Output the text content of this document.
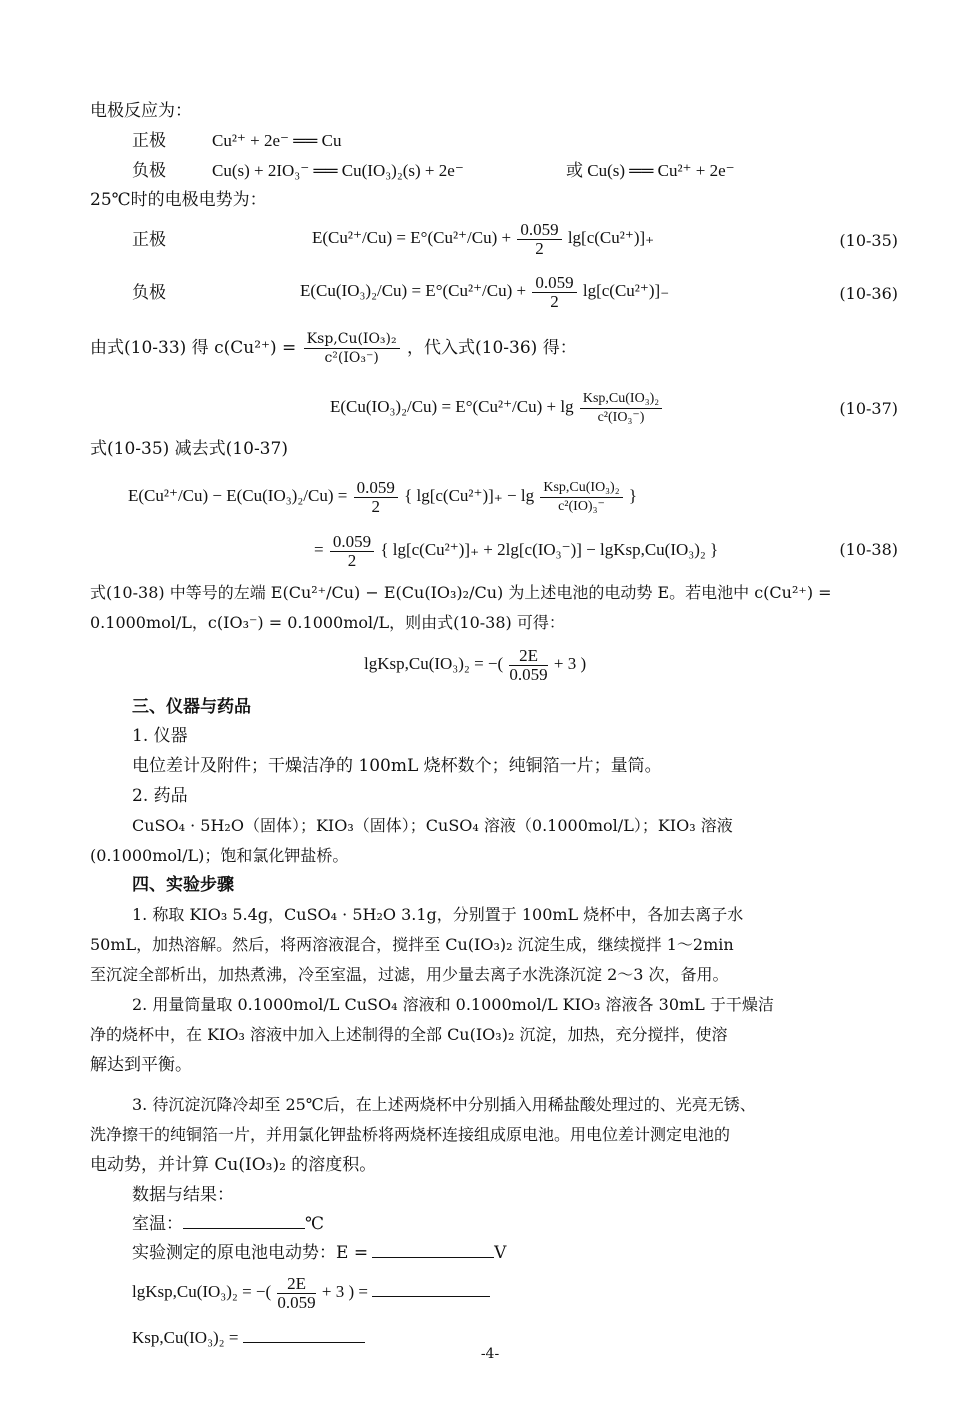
电极反应为：
正极	Cu²⁺ + 2e⁻ ══ Cu
负极	Cu(s) + 2IO₃⁻ ══ Cu(IO₃)₂(s) + 2e⁻	或 Cu(s) ══ Cu²⁺ + 2e⁻
25℃时的电极电势为：
正极	$E(Cu^{2+}/Cu) = E^\circ(Cu^{2+}/Cu) + \frac{0.059}{2} \lg[c(Cu^{2+})]_+$	(10-35)
负极	$E(Cu(IO_3)_2/Cu) = E^\circ(Cu^{2+}/Cu) + \frac{0.059}{2} \lg[c(Cu^{2+})]_-$	(10-36)
由式(10-33) 得 $c(Cu^{2+}) = \frac{\text{Ksp,Cu(IO₃)₂}}{\text{c²(IO₃⁻)}}$ ，代入式(10-36) 得：
$E(Cu(IO_3)_2/Cu) = E^\circ(Cu^{2+}/Cu) + \lg \frac{\text{Ksp,Cu(IO₃)₂}}{\text{c²(IO₃⁻)}}$	(10-37)
式(10-35) 减去式(10-37)
$E(Cu^{2+}/Cu) - E(Cu(IO_3)_2/Cu) = \frac{0.059}{2}$ { $\lg[c(Cu^{2+})]_+ - \lg \frac{\text{Ksp,Cu(IO₃)₂}}{\text{c²(IO)₃⁻}}$ }
= $\frac{0.059}{2}$ { lg[c(Cu²⁺)]₊ + 2lg[c(IO₃⁻)] − lgKsp,Cu(IO₃)₂ }	(10-38)
式(10-38) 中等号的左端 E(Cu²⁺/Cu) − E(Cu(IO₃)₂/Cu) 为上述电池的电动势 E。若电池中 c(Cu²⁺) =
0.1000mol/L，c(IO₃⁻) = 0.1000mol/L，则由式(10-38) 可得：
lgKsp,Cu(IO₃)₂ = −( $\frac{2E}{0.059} + 3$ )
三、仪器与药品
1. 仪器
电位差计及附件；干燥洁净的 100mL 烧杯数个；纯铜箔一片；量筒。
2. 药品
CuSO₄ · 5H₂O（固体）；KIO₃（固体）；CuSO₄ 溶液（0.1000mol/L）；KIO₃ 溶液
(0.1000mol/L)；饱和氯化钾盐桥。
四、实验步骤
1. 称取 KIO₃ 5.4g，CuSO₄ · 5H₂O 3.1g，分别置于 100mL 烧杯中，各加去离子水
50mL，加热溶解。然后，将两溶液混合，搅拌至 Cu(IO₃)₂ 沉淀生成，继续搅拌 1～2min
至沉淀全部析出，加热煮沸，冷至室温，过滤，用少量去离子水洗涤沉淀 2～3 次，备用。
2. 用量筒量取 0.1000mol/L CuSO₄ 溶液和 0.1000mol/L KIO₃ 溶液各 30mL 于干燥洁
净的烧杯中，在 KIO₃ 溶液中加入上述制得的全部 Cu(IO₃)₂ 沉淀，加热，充分搅拌，使溶
解达到平衡。
3. 待沉淀沉降冷却至 25℃后，在上述两烧杯中分别插入用稀盐酸处理过的、光亮无锈、
洗净擦干的纯铜箔一片，并用氯化钾盐桥将两烧杯连接组成原电池。用电位差计测定电池的
电动势，并计算 Cu(IO₃)₂ 的溶度积。
数据与结果：
室温：	℃
实验测定的原电池电动势：E =	V
lgKsp,Cu(IO₃)₂ = −( $\frac{2E}{0.059} + 3$ ) =
Ksp,Cu(IO₃)₂ =
-4-
